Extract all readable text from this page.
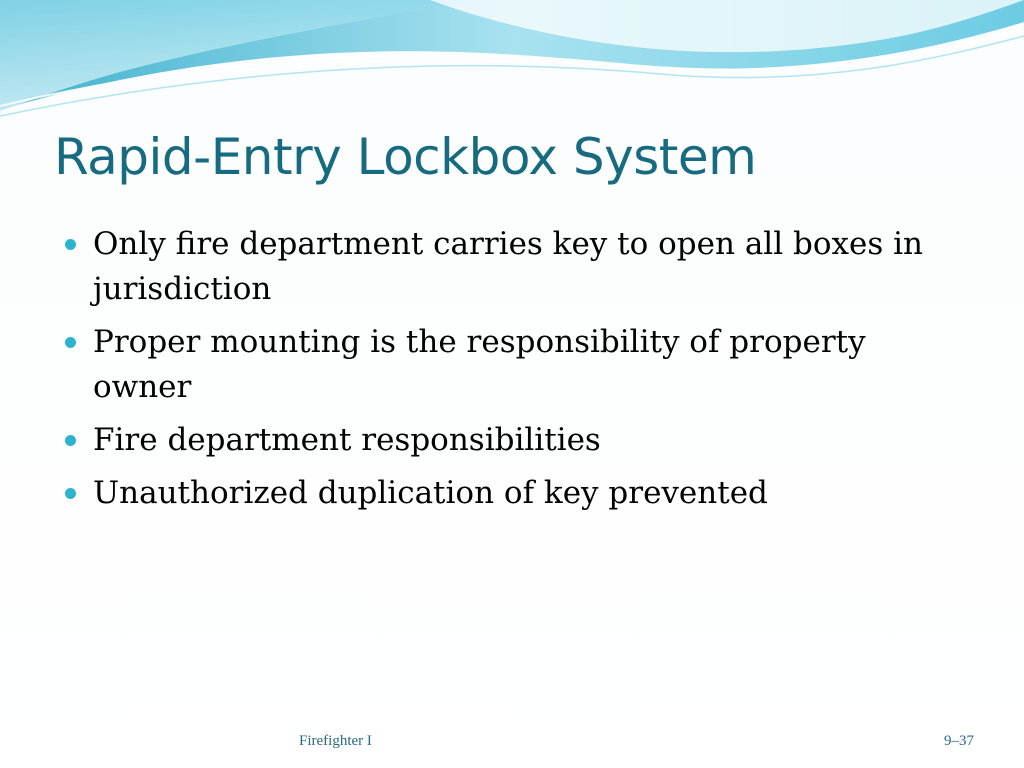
Rapid-Entry Lockbox System
Only fire department carries key to open all boxes in jurisdiction
Proper mounting is the responsibility of property owner
Fire department responsibilities
Unauthorized duplication of key prevented

Firefighter I	9–37
